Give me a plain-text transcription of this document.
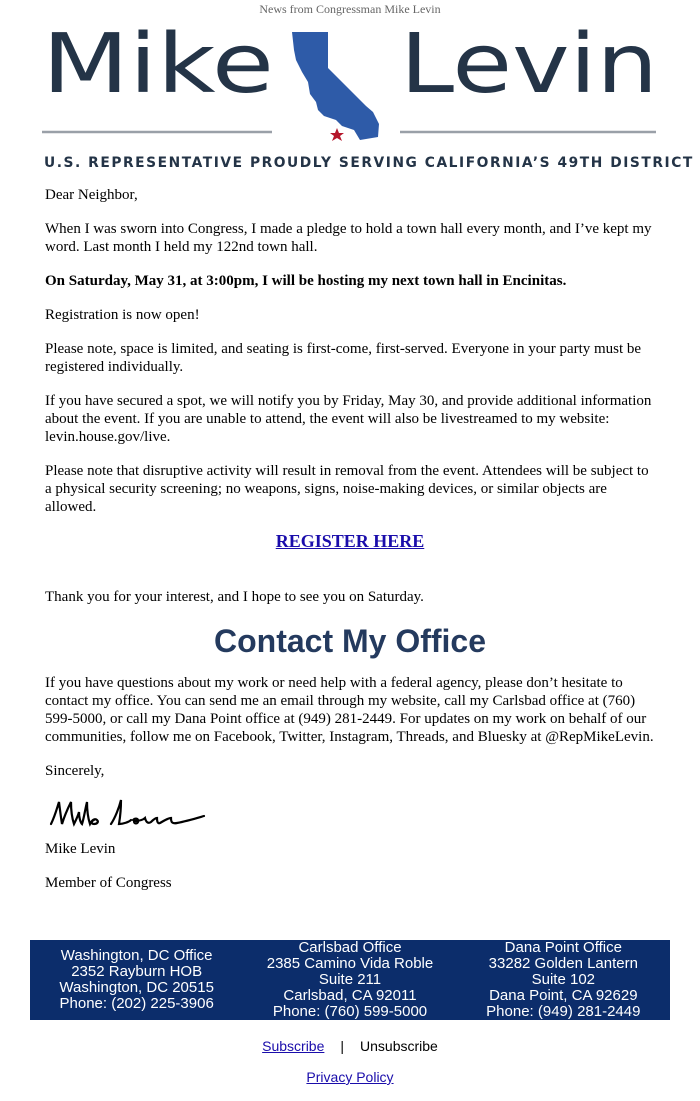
News from Congressman Mike Levin
Mike Levin
U.S. REPRESENTATIVE PROUDLY SERVING CALIFORNIA’S 49TH DISTRICT

Dear Neighbor,

When I was sworn into Congress, I made a pledge to hold a town hall every month, and I’ve kept my word. Last month I held my 122nd town hall.

On Saturday, May 31, at 3:00pm, I will be hosting my next town hall in Encinitas.

Registration is now open!

Please note, space is limited, and seating is first-come, first-served. Everyone in your party must be registered individually.

If you have secured a spot, we will notify you by Friday, May 30, and provide additional information about the event. If you are unable to attend, the event will also be livestreamed to my website: levin.house.gov/live.

Please note that disruptive activity will result in removal from the event. Attendees will be subject to a physical security screening; no weapons, signs, noise-making devices, or similar objects are allowed.

REGISTER HERE

Thank you for your interest, and I hope to see you on Saturday.

Contact My Office

If you have questions about my work or need help with a federal agency, please don’t hesitate to contact my office. You can send me an email through my website, call my Carlsbad office at (760) 599-5000, or call my Dana Point office at (949) 281-2449. For updates on my work on behalf of our communities, follow me on Facebook, Twitter, Instagram, Threads, and Bluesky at @RepMikeLevin.

Sincerely,

Mike Levin

Member of Congress

Washington, DC Office

2352 Rayburn HOB

Washington, DC 20515

Phone: (202) 225-3906

Carlsbad Office

2385 Camino Vida Roble

Suite 211

Carlsbad, CA 92011

Phone: (760) 599-5000

Dana Point Office

33282 Golden Lantern

Suite 102

Dana Point, CA 92629

Phone: (949) 281-2449

Subscribe | Unsubscribe
Privacy Policy
